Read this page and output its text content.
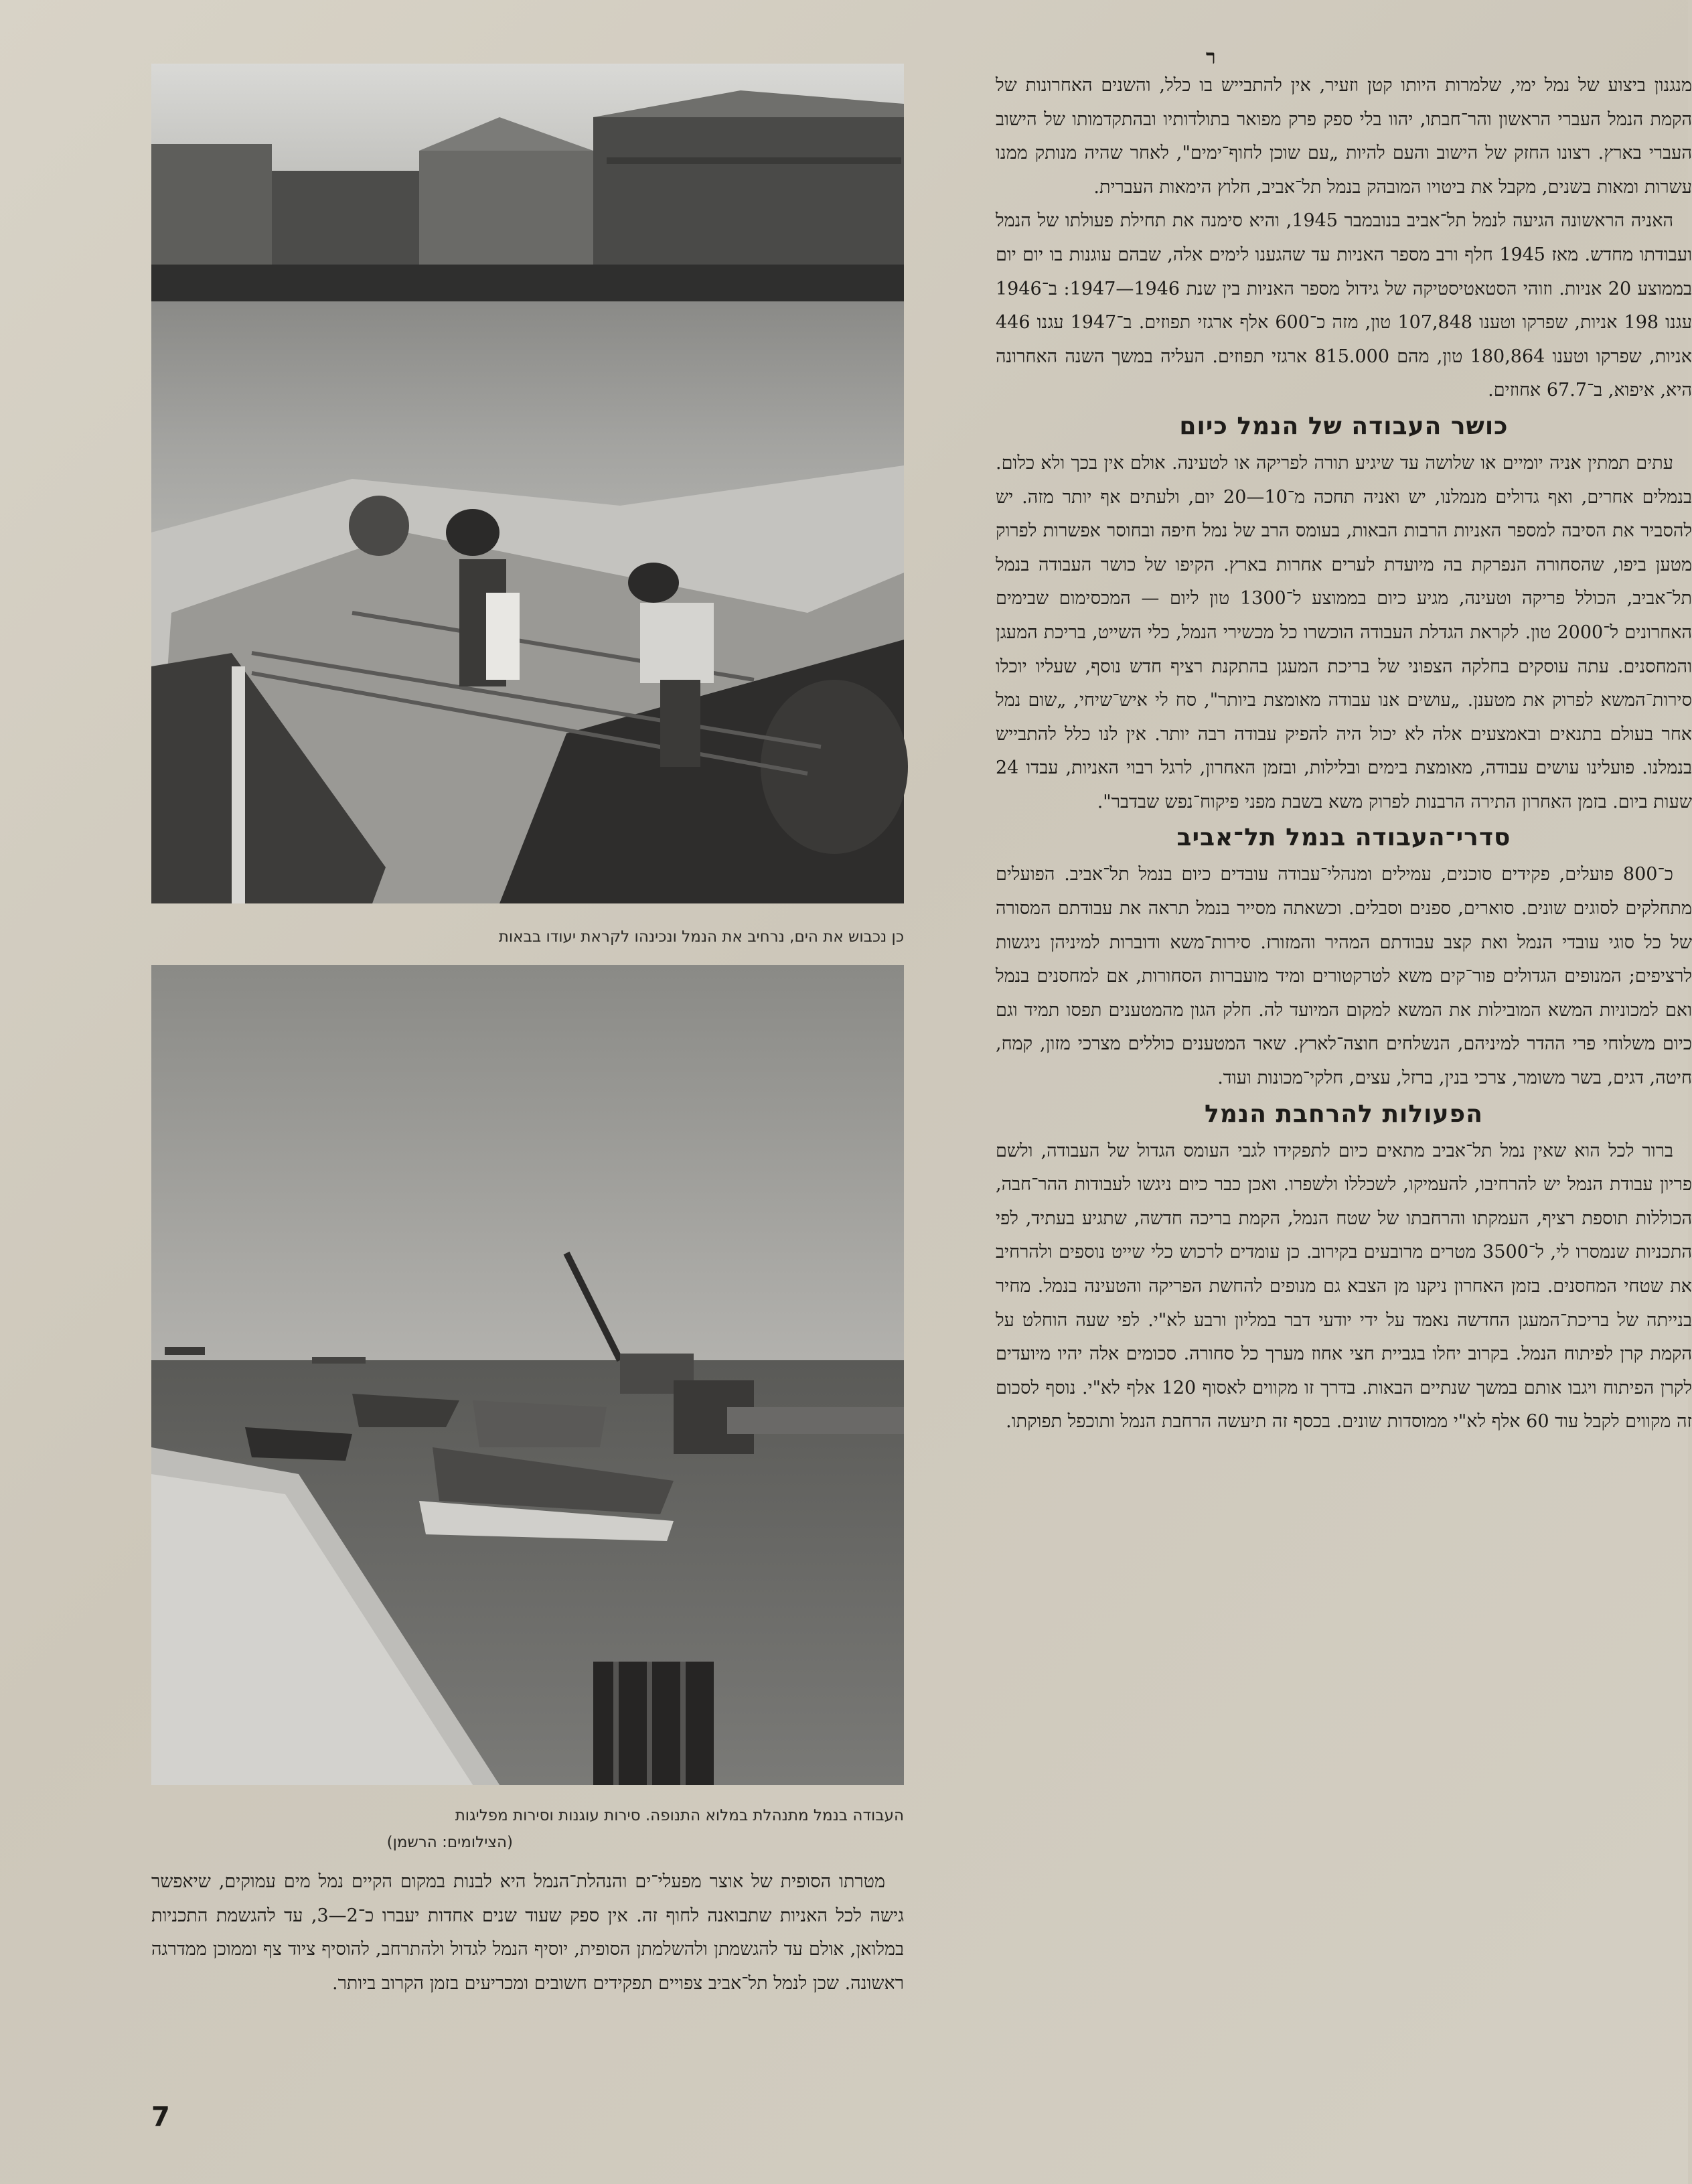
ר
כן נכבוש את הים, נרחיב את הנמל ונכינהו לקראת יעודו בבאות
העבודה בנמל מתנהלת במלוא התנופה. סירות עוגנות וסירות מפליגות
(הצילומים: הרשמן)

מנגנון ביצוע של נמל ימי, שלמרות היותו קטן וזעיר, אין להתבייש בו כלל, והשנים האחרונות של הקמת הנמל העברי הראשון והר־חבתו, יהוו בלי ספק פרק מפואר בתולדותיו ובהתקדמותו של הישוב העברי בארץ. רצונו החזק של הישוב והעם להיות „עם שוכן לחוף־ימים", לאחר שהיה מנותק ממנו עשרות ומאות בשנים, מקבל את ביטויו המובהק בנמל תל־אביב, חלוץ הימאות העברית.

האניה הראשונה הגיעה לנמל תל־אביב בנובמבר 1945, והיא סימנה את תחילת פעולתו של הנמל ועבודתו מחדש. מאז 1945 חלף ורב מספר האניות עד שהגענו לימים אלה, שבהם עוגנות בו יום יום בממוצע 20 אניות. וזוהי הסטאטיסטיקה של גידול מספר האניות בין שנת 1946—1947: ב־1946 עגנו 198 אניות, שפרקו וטענו 107,848 טון, מזה כ־600 אלף ארגזי תפוזים. ב־1947 עגנו 446 אניות, שפרקו וטענו 180,864 טון, מהם 815.000 ארגזי תפוזים. העליה במשך השנה האחרונה היא, איפוא, ב־67.7 אחוזים.

כושר העבודה של הנמל כיום

עתים תמתין אניה יומיים או שלושה עד שיגיע תורה לפריקה או לטעינה. אולם אין בכך ולא כלום. בנמלים אחרים, ואף גדולים מנמלנו, יש ואניה תחכה מ־10—20 יום, ולעתים אף יותר מזה. יש להסביר את הסיבה למספר האניות הרבות הבאות, בעומס הרב של נמל חיפה ובחוסר אפשרות לפרוק מטען ביפו, שהסחורה הנפרקת בה מיועדת לערים אחרות בארץ. הקיפו של כושר העבודה בנמל תל־אביב, הכולל פריקה וטעינה, מגיע כיום בממוצע ל־1300 טון ליום — המכסימום שבימים האחרונים ל־2000 טון. לקראת הגדלת העבודה הוכשרו כל מכשירי הנמל, כלי השייט, בריכת המעגן והמחסנים. עתה עוסקים בחלקה הצפוני של בריכת המעגן בהתקנת רציף חדש נוסף, שעליו יוכלו סירות־המשא לפרוק את מטענן. „עושים אנו עבודה מאומצת ביותר", סח לי איש־שיחי, „שום נמל אחר בעולם בתנאים ובאמצעים אלה לא יכול היה להפיק עבודה רבה יותר. אין לנו כלל להתבייש בנמלנו. פועלינו עושים עבודה, מאומצת בימים ובלילות, ובזמן האחרון, לרגל רבוי האניות, עבדו 24 שעות ביום. בזמן האחרון התירה הרבנות לפרוק משא בשבת מפני פיקוח־נפש שבדבר".

סדרי־העבודה בנמל תל־אביב

כ־800 פועלים, פקידים סוכנים, עמילים ומנהלי־עבודה עובדים כיום בנמל תל־אביב. הפועלים מתחלקים לסוגים שונים. סוארים, ספנים וסבלים. וכשאתה מסייר בנמל תראה את עבודתם המסורה של כל סוגי עובדי הנמל ואת קצב עבודתם המהיר והמזורז. סירות־משא ודוברות למיניהן ניגשות לרציפים; המנופים הגדולים פור־קים משא לטרקטורים ומיד מועברות הסחורות, אם למחסנים בנמל ואם למכוניות המשא המובילות את המשא למקום המיועד לה. חלק הגון מהמטענים תפסו תמיד וגם כיום משלוחי פרי ההדר למיניהם, הנשלחים חוצה־לארץ. שאר המטענים כוללים מצרכי מזון, קמח, חיטה, דגים, בשר משומר, צרכי בנין, ברזל, עצים, חלקי־מכונות ועוד.

הפעולות להרחבת הנמל

ברור לכל הוא שאין נמל תל־אביב מתאים כיום לתפקידו לגבי העומס הגדול של העבודה, ולשם פריון עבודת הנמל יש להרחיבו, להעמיקו, לשכללו ולשפרו. ואכן כבר כיום ניגשו לעבודות ההר־חבה, הכוללות תוספת רציף, העמקתו והרחבתו של שטח הנמל, הקמת בריכה חדשה, שתגיע בעתיד, לפי התכניות שנמסרו לי, ל־3500 מטרים מרובעים בקירוב. כן עומדים לרכוש כלי שייט נוספים ולהרחיב את שטחי המחסנים. בזמן האחרון ניקנו מן הצבא גם מנופים להחשת הפריקה והטעינה בנמל. מחיר בנייתה של בריכת־המעגן החדשה נאמד על ידי יודעי דבר במליון ורבע לא"י. לפי שעה הוחלט על הקמת קרן לפיתוח הנמל. בקרוב יחלו בגביית חצי אחוז מערך כל סחורה. סכומים אלה יהיו מיועדים לקרן הפיתוח ויגבו אותם במשך שנתיים הבאות. בדרך זו מקווים לאסוף 120 אלף לא"י. נוסף לסכום זה מקווים לקבל עוד 60 אלף לא"י ממוסדות שונים. בכסף זה תיעשה הרחבת הנמל ותוכפל תפוקתו.

מטרתו הסופית של אוצר מפעלי־ים והנהלת־הנמל היא לבנות במקום הקיים נמל מים עמוקים, שיאפשר גישה לכל האניות שתבואנה לחוף זה. אין ספק שעוד שנים אחדות יעברו כ־2—3, עד להגשמת התכניות במלואן, אולם עד להגשמתן ולהשלמתן הסופית, יוסיף הנמל לגדול ולהתרחב, להוסיף ציוד צף וממוכן ממדרגה ראשונה. שכן לנמל תל־אביב צפויים תפקידים חשובים ומכריעים בזמן הקרוב ביותר.

7
